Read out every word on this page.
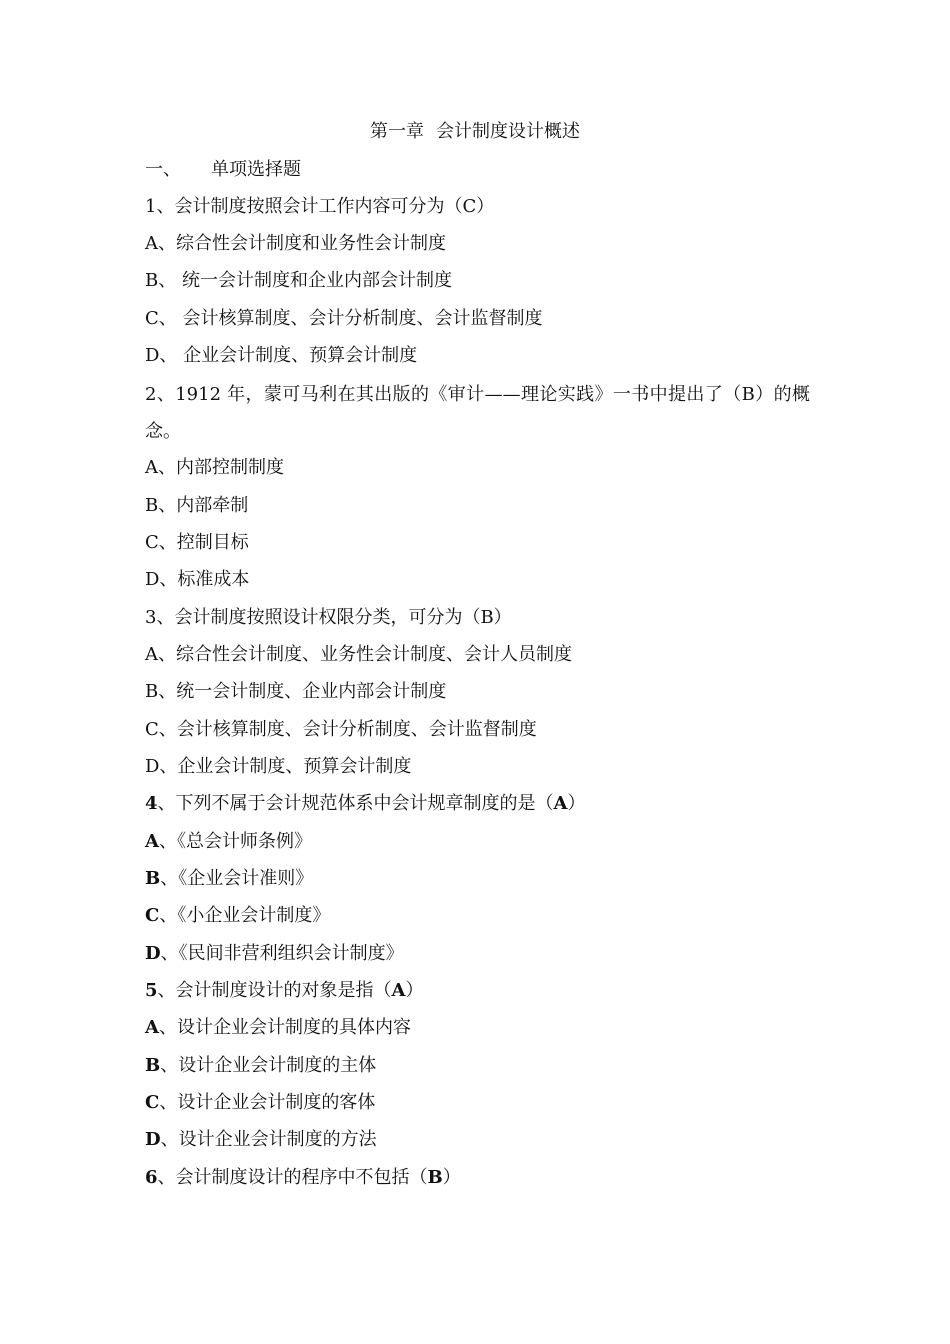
第一章 会计制度设计概述
一、 单项选择题
1、会计制度按照会计工作内容可分为（C）
A、综合性会计制度和业务性会计制度
B、 统一会计制度和企业内部会计制度
C、 会计核算制度、会计分析制度、会计监督制度
D、 企业会计制度、预算会计制度
2、1912 年，蒙可马利在其出版的《审计——理论实践》一书中提出了（B）的概念。
A、内部控制制度
B、内部牵制
C、控制目标
D、标准成本
3、会计制度按照设计权限分类，可分为（B）
A、综合性会计制度、业务性会计制度、会计人员制度
B、统一会计制度、企业内部会计制度
C、会计核算制度、会计分析制度、会计监督制度
D、企业会计制度、预算会计制度
4、下列不属于会计规范体系中会计规章制度的是（A）
A、《总会计师条例》
B、《企业会计准则》
C、《小企业会计制度》
D、《民间非营利组织会计制度》
5、会计制度设计的对象是指（A）
A、设计企业会计制度的具体内容
B、设计企业会计制度的主体
C、设计企业会计制度的客体
D、设计企业会计制度的方法
6、会计制度设计的程序中不包括（B）
